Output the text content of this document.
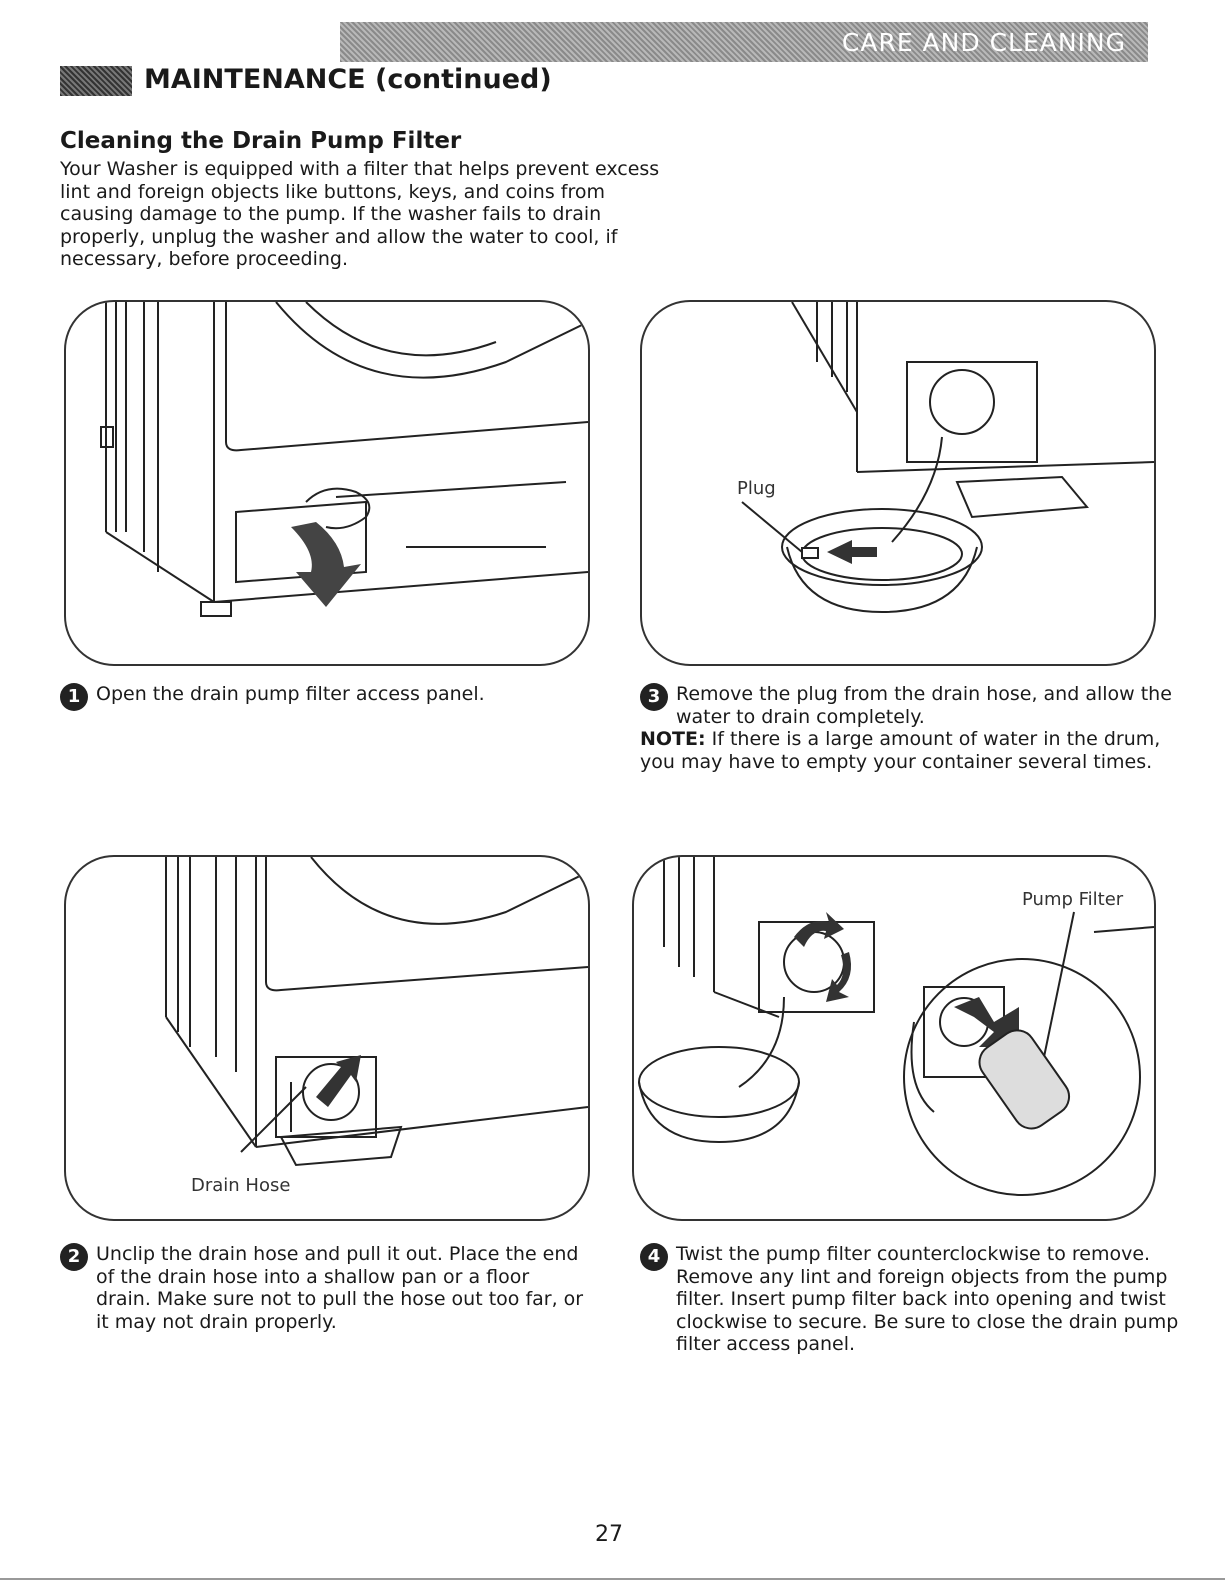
CARE AND CLEANING
MAINTENANCE (continued)
Cleaning the Drain Pump Filter
Your Washer is equipped with a filter that helps prevent excess
lint and foreign objects like buttons, keys, and coins from
causing damage to the pump. If the washer fails to drain
properly, unplug the washer and allow the water to cool, if
necessary, before proceeding.
1 Open the drain pump filter access panel.
Plug
3 Remove the plug from the drain hose, and allow the
water to drain completely.
NOTE: If there is a large amount of water in the drum,
you may have to empty your container several times.
Drain Hose
2 Unclip the drain hose and pull it out. Place the end
of the drain hose into a shallow pan or a floor
drain. Make sure not to pull the hose out too far, or
it may not drain properly.
Pump Filter
4 Twist the pump filter counterclockwise to remove.
Remove any lint and foreign objects from the pump
filter. Insert pump filter back into opening and twist
clockwise to secure. Be sure to close the drain pump
filter access panel.
27
